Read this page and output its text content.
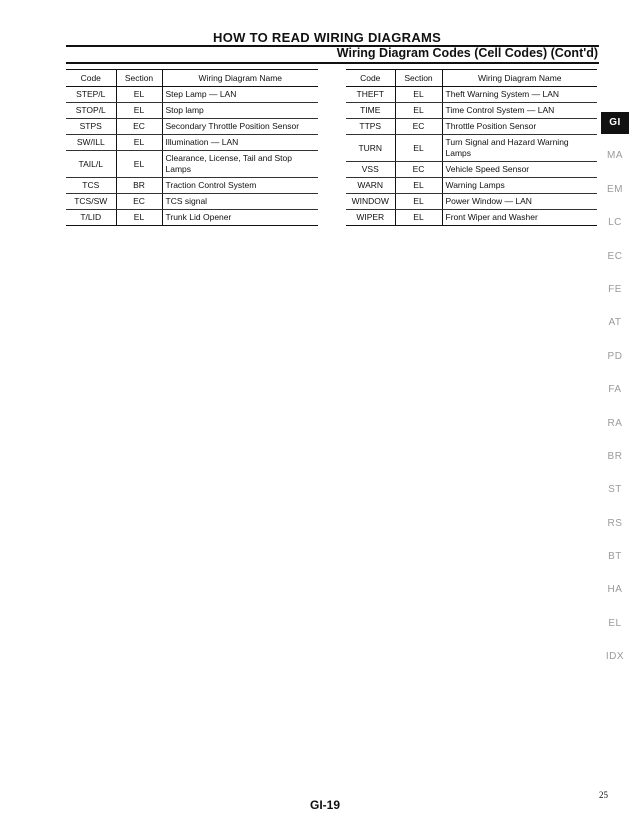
HOW TO READ WIRING DIAGRAMS
Wiring Diagram Codes (Cell Codes) (Cont'd)
Code	Section	Wiring Diagram Name
STEP/L	EL	Step Lamp — LAN
STOP/L	EL	Stop lamp
STPS	EC	Secondary Throttle Position Sensor
SW/ILL	EL	Illumination — LAN
TAIL/L	EL	Clearance, License, Tail and Stop Lamps
TCS	BR	Traction Control System
TCS/SW	EC	TCS signal
T/LID	EL	Trunk Lid Opener
Code	Section	Wiring Diagram Name
THEFT	EL	Theft Warning System — LAN
TIME	EL	Time Control System — LAN
TTPS	EC	Throttle Position Sensor
TURN	EL	Turn Signal and Hazard Warning Lamps
VSS	EC	Vehicle Speed Sensor
WARN	EL	Warning Lamps
WINDOW	EL	Power Window — LAN
WIPER	EL	Front Wiper and Washer
GI
MA
EM
LC
EC
FE
AT
PD
FA
RA
BR
ST
RS
BT
HA
EL
IDX
GI-19
25
